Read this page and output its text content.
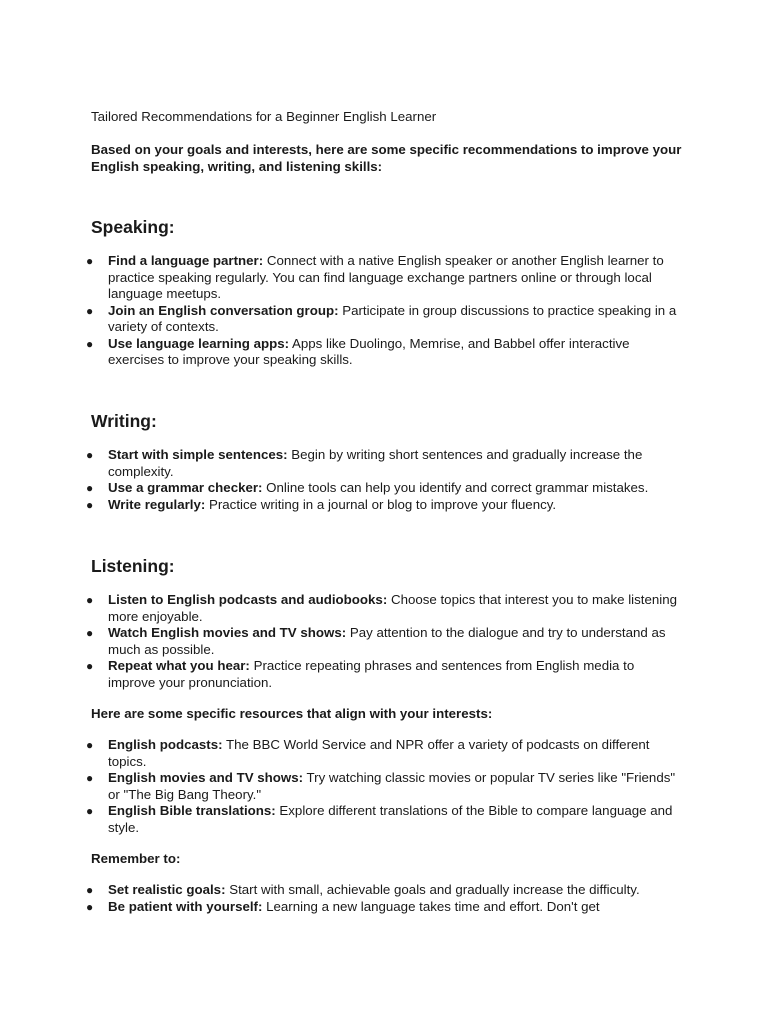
Tailored Recommendations for a Beginner English Learner
Based on your goals and interests, here are some specific recommendations to improve your English speaking, writing, and listening skills:
Speaking:
● Find a language partner: Connect with a native English speaker or another English learner to practice speaking regularly. You can find language exchange partners online or through local language meetups.
● Join an English conversation group: Participate in group discussions to practice speaking in a variety of contexts.
● Use language learning apps: Apps like Duolingo, Memrise, and Babbel offer interactive exercises to improve your speaking skills.
Writing:
● Start with simple sentences: Begin by writing short sentences and gradually increase the complexity.
● Use a grammar checker: Online tools can help you identify and correct grammar mistakes.
● Write regularly: Practice writing in a journal or blog to improve your fluency.
Listening:
● Listen to English podcasts and audiobooks: Choose topics that interest you to make listening more enjoyable.
● Watch English movies and TV shows: Pay attention to the dialogue and try to understand as much as possible.
● Repeat what you hear: Practice repeating phrases and sentences from English media to improve your pronunciation.
Here are some specific resources that align with your interests:
● English podcasts: The BBC World Service and NPR offer a variety of podcasts on different topics.
● English movies and TV shows: Try watching classic movies or popular TV series like "Friends" or "The Big Bang Theory."
● English Bible translations: Explore different translations of the Bible to compare language and style.
Remember to:
● Set realistic goals: Start with small, achievable goals and gradually increase the difficulty.
● Be patient with yourself: Learning a new language takes time and effort. Don't get
